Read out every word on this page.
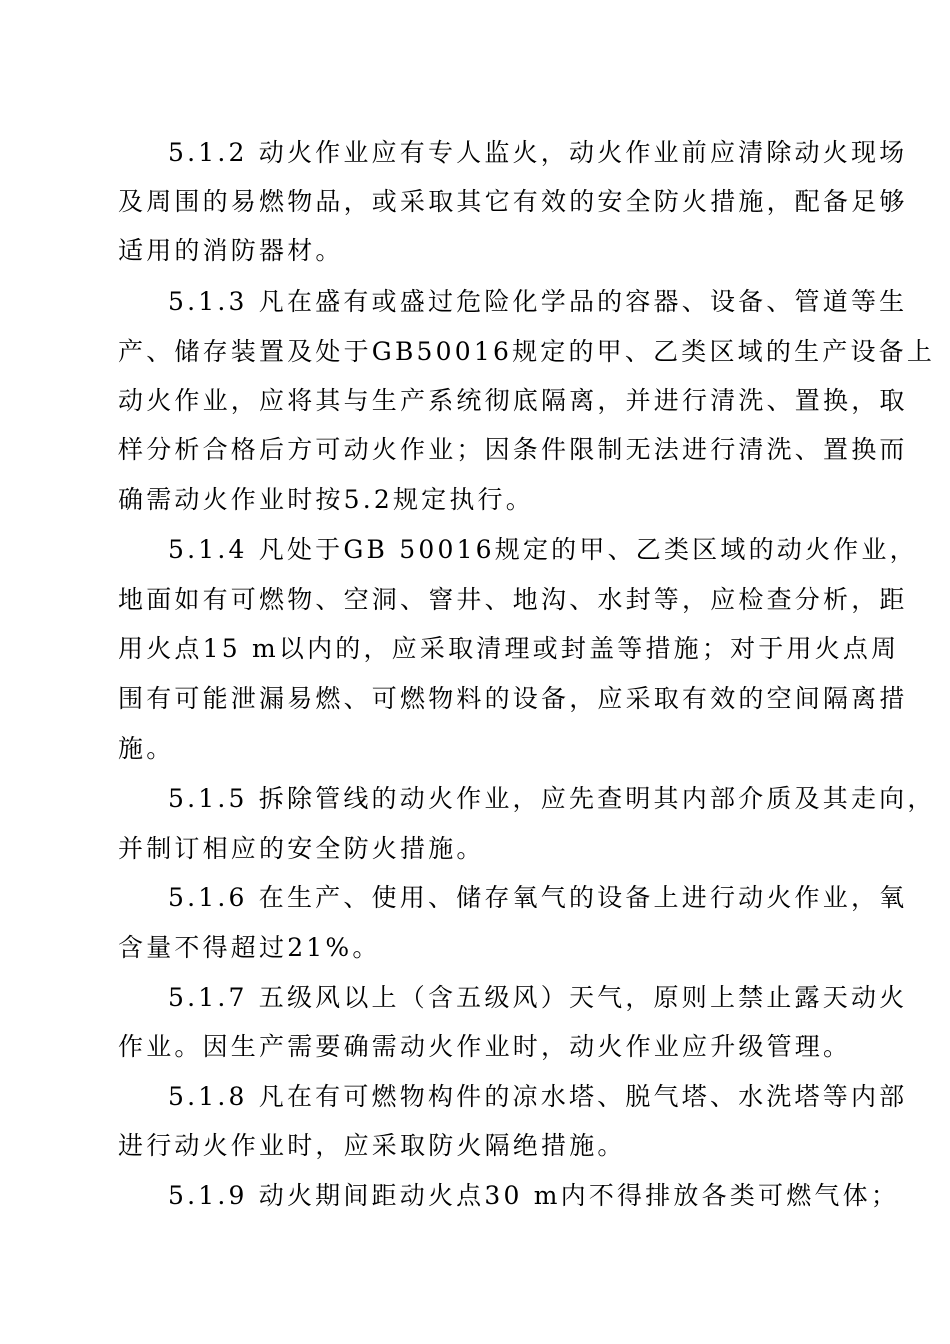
5.1.2 动火作业应有专人监火，动火作业前应清除动火现场
及周围的易燃物品，或采取其它有效的安全防火措施，配备足够
适用的消防器材。
5.1.3 凡在盛有或盛过危险化学品的容器、设备、管道等生
产、储存装置及处于GB50016规定的甲、乙类区域的生产设备上
动火作业，应将其与生产系统彻底隔离，并进行清洗、置换，取
样分析合格后方可动火作业；因条件限制无法进行清洗、置换而
确需动火作业时按5.2规定执行。
5.1.4 凡处于GB 50016规定的甲、乙类区域的动火作业，
地面如有可燃物、空洞、窨井、地沟、水封等，应检查分析，距
用火点15 m以内的，应采取清理或封盖等措施；对于用火点周
围有可能泄漏易燃、可燃物料的设备，应采取有效的空间隔离措
施。
5.1.5 拆除管线的动火作业，应先查明其内部介质及其走向，
并制订相应的安全防火措施。
5.1.6 在生产、使用、储存氧气的设备上进行动火作业，氧
含量不得超过21%。
5.1.7 五级风以上（含五级风）天气，原则上禁止露天动火
作业。因生产需要确需动火作业时，动火作业应升级管理。
5.1.8 凡在有可燃物构件的凉水塔、脱气塔、水洗塔等内部
进行动火作业时，应采取防火隔绝措施。
5.1.9 动火期间距动火点30 m内不得排放各类可燃气体；
